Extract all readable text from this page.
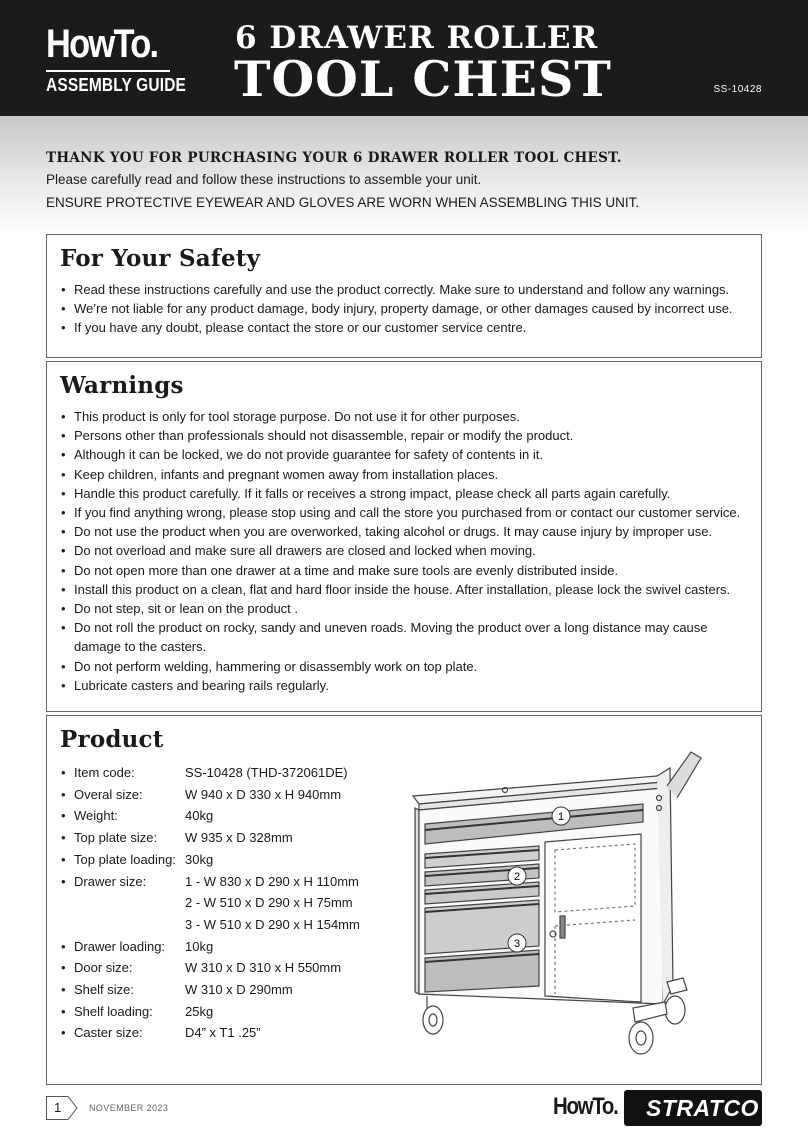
HowTo.
ASSEMBLY GUIDE
6 DRAWER ROLLER
TOOL CHEST	SS-10428
THANK YOU FOR PURCHASING YOUR 6 DRAWER ROLLER TOOL CHEST.
Please carefully read and follow these instructions to assemble your unit.
ENSURE PROTECTIVE EYEWEAR AND GLOVES ARE WORN WHEN ASSEMBLING THIS UNIT.
For Your Safety
• Read these instructions carefully and use the product correctly. Make sure to understand and follow any warnings.
• We’re not liable for any product damage, body injury, property damage, or other damages caused by incorrect use.
• If you have any doubt, please contact the store or our customer service centre.
Warnings
• This product is only for tool storage purpose. Do not use it for other purposes.
• Persons other than professionals should not disassemble, repair or modify the product.
• Although it can be locked, we do not provide guarantee for safety of contents in it.
• Keep children, infants and pregnant women away from installation places.
• Handle this product carefully. If it falls or receives a strong impact, please check all parts again carefully.
• If you find anything wrong, please stop using and call the store you purchased from or contact our customer service.
• Do not use the product when you are overworked, taking alcohol or drugs. It may cause injury by improper use.
• Do not overload and make sure all drawers are closed and locked when moving.
• Do not open more than one drawer at a time and make sure tools are evenly distributed inside.
• Install this product on a clean, flat and hard floor inside the house. After installation, please lock the swivel casters.
• Do not step, sit or lean on the product .
• Do not roll the product on rocky, sandy and uneven roads. Moving the product over a long distance may cause damage to the casters.
• Do not perform welding, hammering or disassembly work on top plate.
• Lubricate casters and bearing rails regularly.
Product
• Item code:	SS-10428 (THD-372061DE)
• Overal size:	W 940 x D 330 x H 940mm
• Weight:	40kg
• Top plate size:	W 935 x D 328mm
• Top plate loading: 30kg
• Drawer size:	1 - W 830 x D 290 x H 110mm
2 - W 510 x D 290 x H 75mm
3 - W 510 x D 290 x H 154mm
• Drawer loading:	10kg
• Door size:	W 310 x D 310 x H 550mm
• Shelf size:	W 310 x D 290mm
• Shelf loading:	25kg
• Caster size:	D4” x T1 .25”
1
2
3
1	NOVEMBER 2023	HowTo. STRATCO
